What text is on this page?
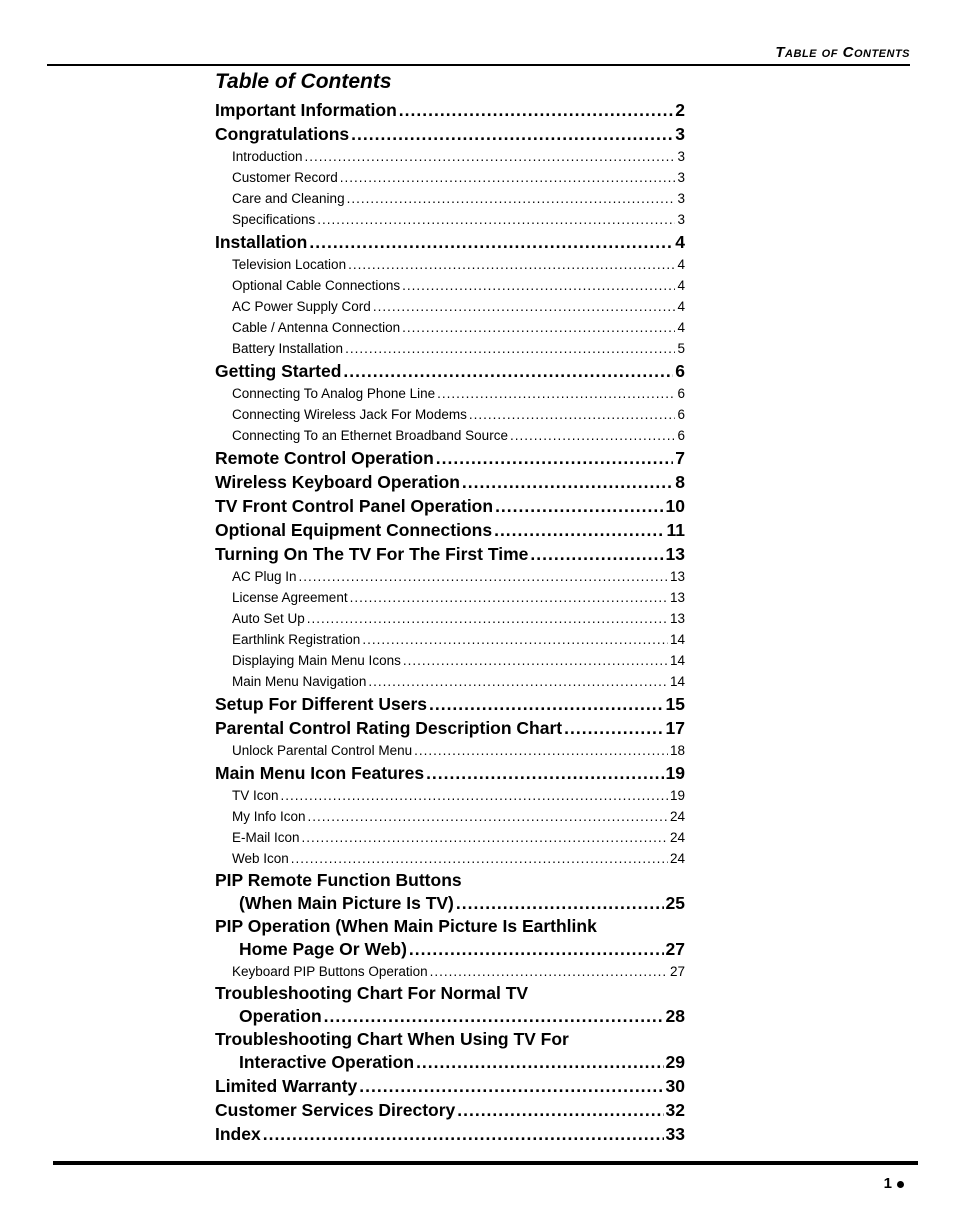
Table of Contents
Table of Contents
Important Information .....	2
Congratulations .....	3
Introduction .....	3
Customer Record .....	3
Care and Cleaning .....	3
Specifications .....	3
Installation .....	4
Television Location .....	4
Optional Cable Connections .....	4
AC Power Supply Cord .....	4
Cable / Antenna Connection .....	4
Battery Installation .....	5
Getting Started .....	6
Connecting To Analog Phone Line .....	6
Connecting Wireless Jack For Modems .....	6
Connecting To an Ethernet Broadband Source .....	6
Remote Control Operation .....	7
Wireless Keyboard Operation .....	8
TV Front Control Panel Operation .....	10
Optional Equipment Connections .....	11
Turning On The TV For The First Time .....	13
AC Plug In .....	13
License Agreement .....	13
Auto Set Up .....	13
Earthlink Registration .....	14
Displaying Main Menu Icons .....	14
Main Menu Navigation .....	14
Setup For Different Users .....	15
Parental Control Rating Description Chart .....	17
Unlock Parental Control Menu .....	18
Main Menu Icon Features .....	19
TV Icon .....	19
My Info Icon .....	24
E-Mail Icon .....	24
Web Icon .....	24
PIP Remote Function Buttons
(When Main Picture Is TV) .....	25
PIP Operation (When Main Picture Is Earthlink
Home Page Or Web) .....	27
Keyboard PIP Buttons Operation .....	27
Troubleshooting Chart For Normal TV
Operation .....	28
Troubleshooting Chart When Using TV For
Interactive Operation .....	29
Limited Warranty .....	30
Customer Services Directory .....	32
Index .....	33
1
